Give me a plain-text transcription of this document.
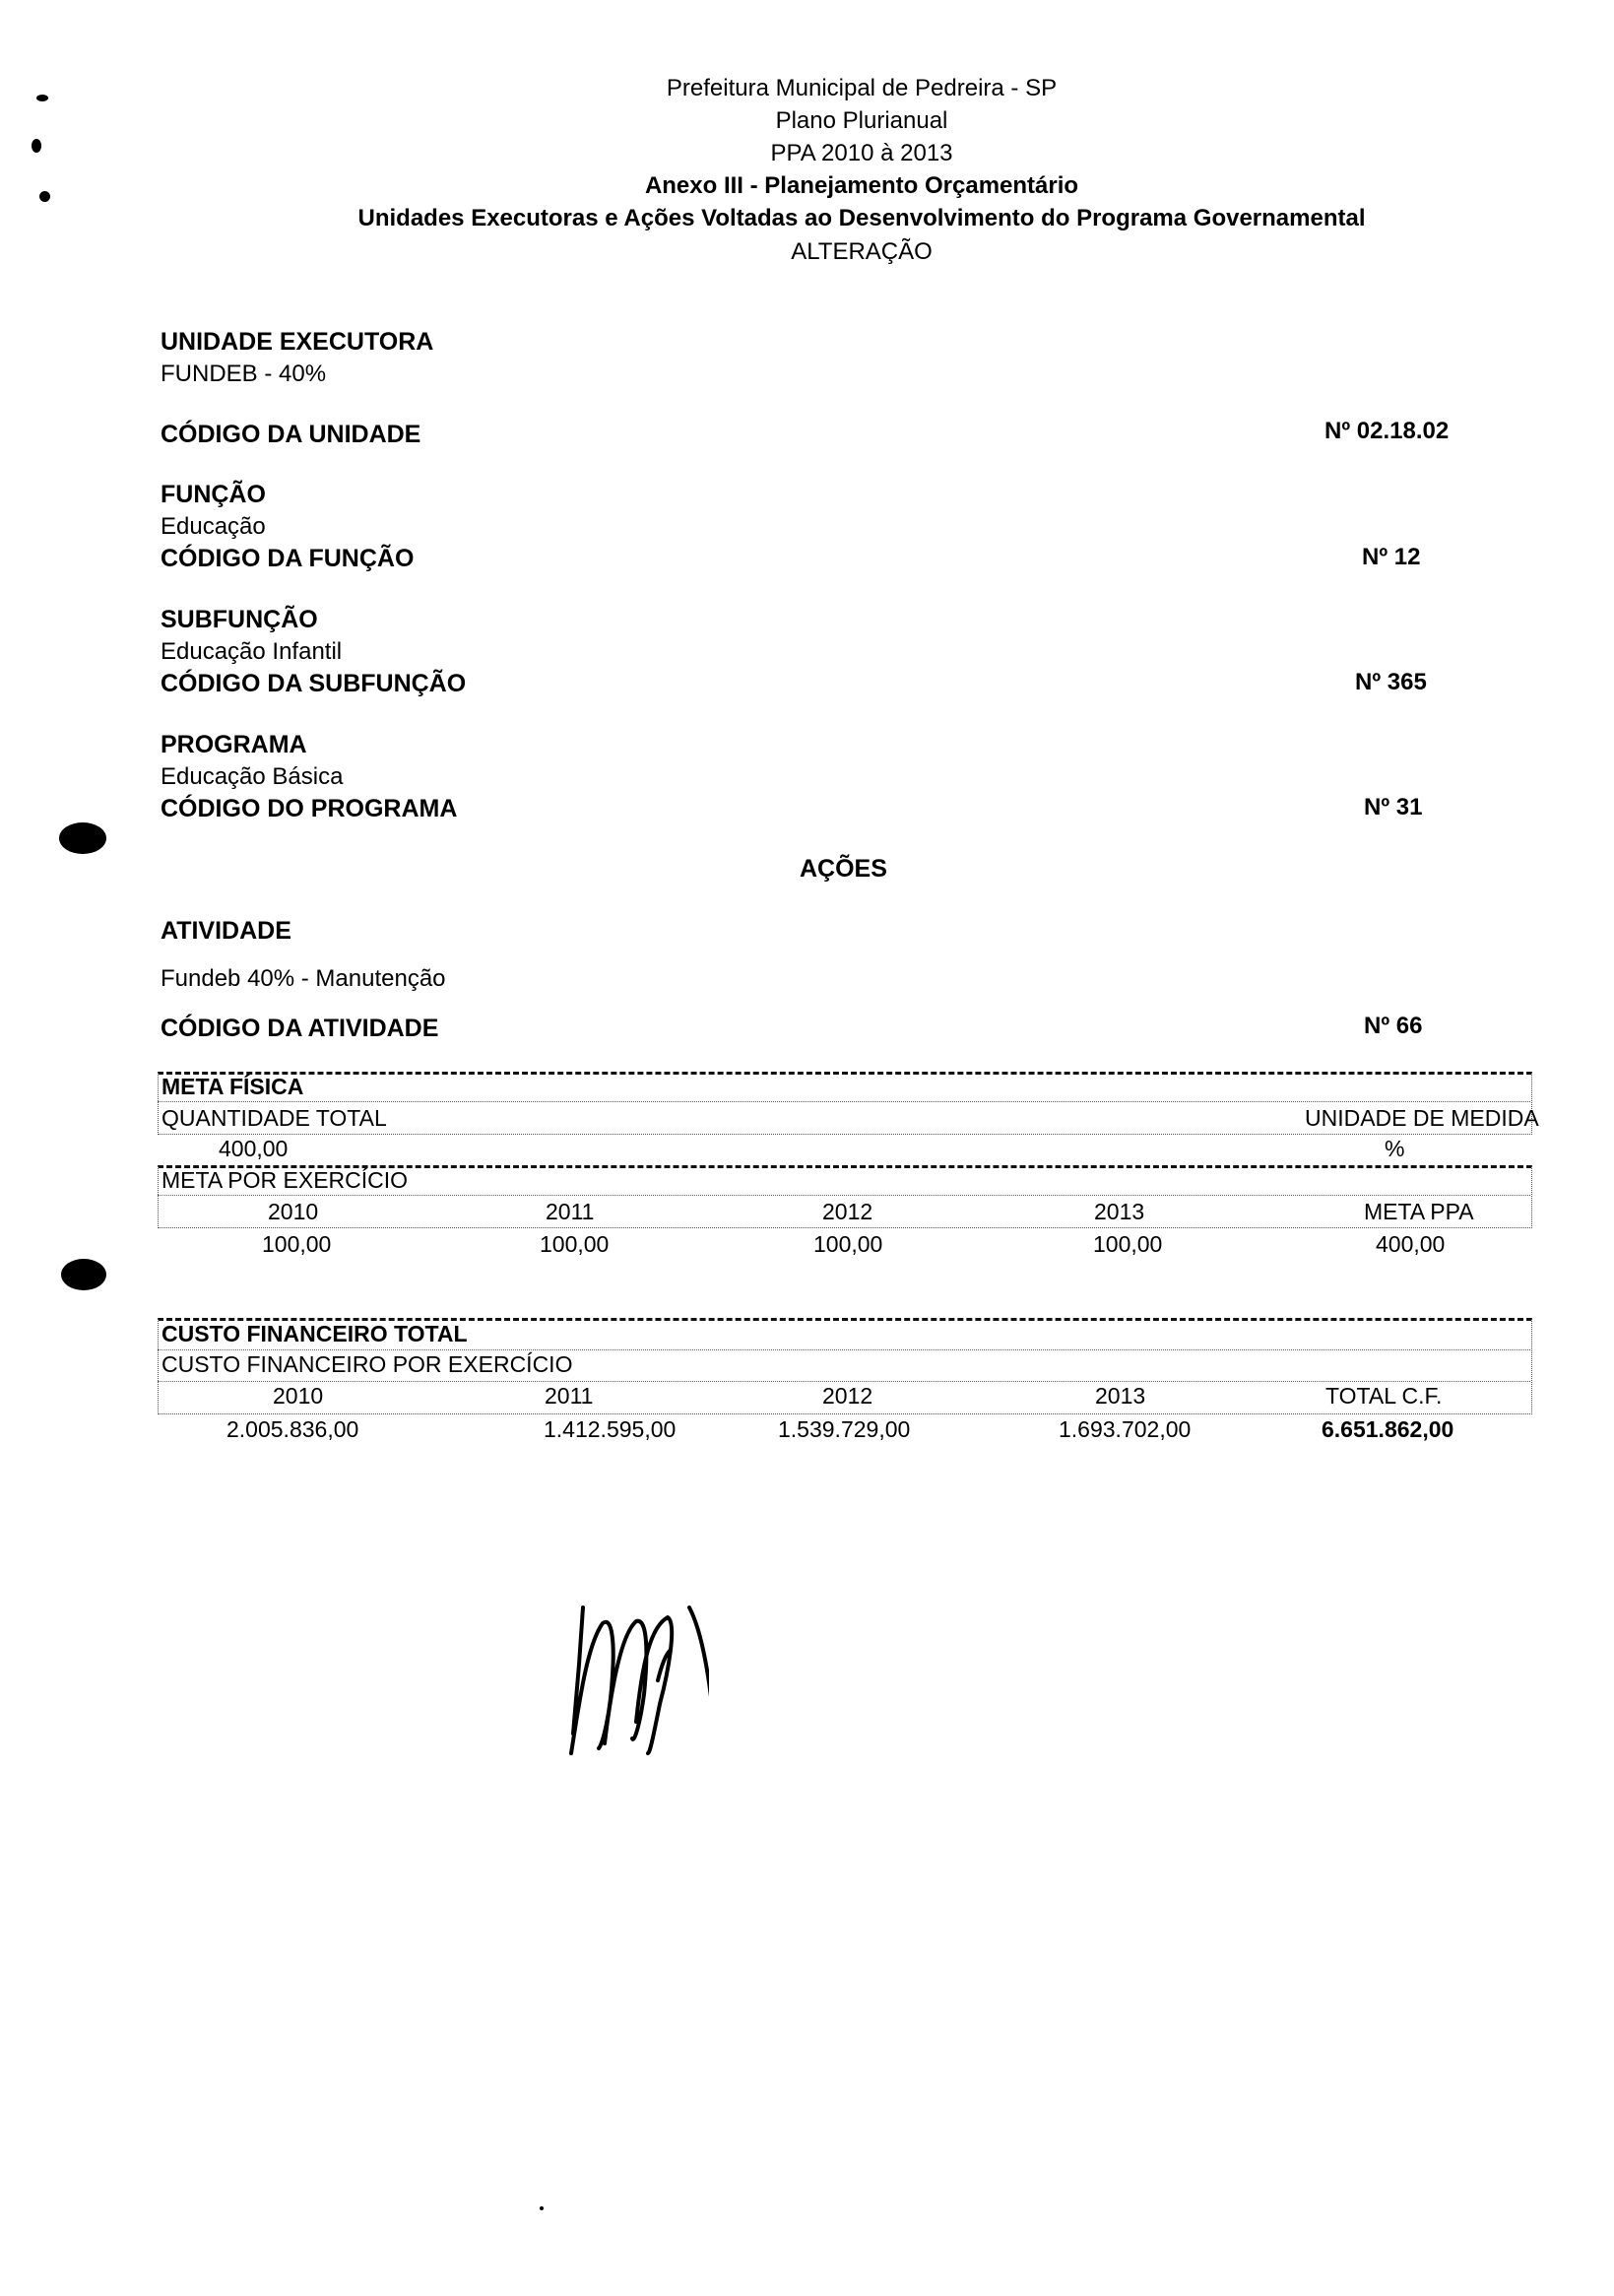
Prefeitura Municipal de Pedreira - SP
Plano Plurianual
PPA 2010 à 2013
Anexo III - Planejamento Orçamentário
Unidades Executoras e Ações Voltadas ao Desenvolvimento do Programa Governamental
ALTERAÇÃO
UNIDADE EXECUTORA
FUNDEB - 40%
CÓDIGO DA UNIDADE	Nº 02.18.02
FUNÇÃO
Educação
CÓDIGO DA FUNÇÃO	Nº 12
SUBFUNÇÃO
Educação Infantil
CÓDIGO DA SUBFUNÇÃO	Nº 365
PROGRAMA
Educação Básica
CÓDIGO DO PROGRAMA	Nº 31
AÇÕES
ATIVIDADE
Fundeb 40% - Manutenção
CÓDIGO DA ATIVIDADE	Nº 66
META FÍSICA
QUANTIDADE TOTAL	UNIDADE DE MEDIDA
400,00	%
META POR EXERCÍCIO
2010	2011	2012	2013	META PPA
100,00	100,00	100,00	100,00	400,00
CUSTO FINANCEIRO TOTAL
CUSTO FINANCEIRO POR EXERCÍCIO
2010	2011	2012	2013	TOTAL C.F.
2.005.836,00	1.412.595,00	1.539.729,00	1.693.702,00	6.651.862,00
